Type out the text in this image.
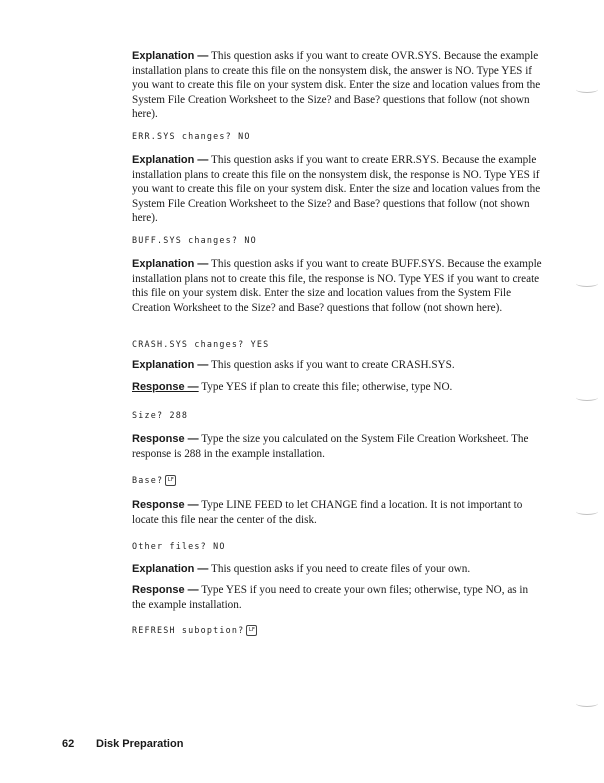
Explanation — This question asks if you want to create OVR.SYS. Because the example installation plans to create this file on the nonsystem disk, the answer is NO. Type YES if you want to create this file on your system disk. Enter the size and location values from the System File Creation Worksheet to the Size? and Base? questions that follow (not shown here).
ERR.SYS changes? NO
Explanation — This question asks if you want to create ERR.SYS. Because the example installation plans to create this file on the nonsystem disk, the response is NO. Type YES if you want to create this file on your system disk. Enter the size and location values from the System File Creation Worksheet to the Size? and Base? questions that follow (not shown here).
BUFF.SYS changes? NO
Explanation — This question asks if you want to create BUFF.SYS. Because the example installation plans not to create this file, the response is NO. Type YES if you want to create this file on your system disk. Enter the size and location values from the System File Creation Worksheet to the Size? and Base? questions that follow (not shown here).
CRASH.SYS changes? YES
Explanation — This question asks if you want to create CRASH.SYS.
Response — Type YES if plan to create this file; otherwise, type NO.
Size? 288
Response — Type the size you calculated on the System File Creation Worksheet. The response is 288 in the example installation.
Base? LF
Response — Type LINE FEED to let CHANGE find a location. It is not important to locate this file near the center of the disk.
Other files? NO
Explanation — This question asks if you need to create files of your own.
Response — Type YES if you need to create your own files; otherwise, type NO, as in the example installation.
REFRESH suboption? LF
62 Disk Preparation
